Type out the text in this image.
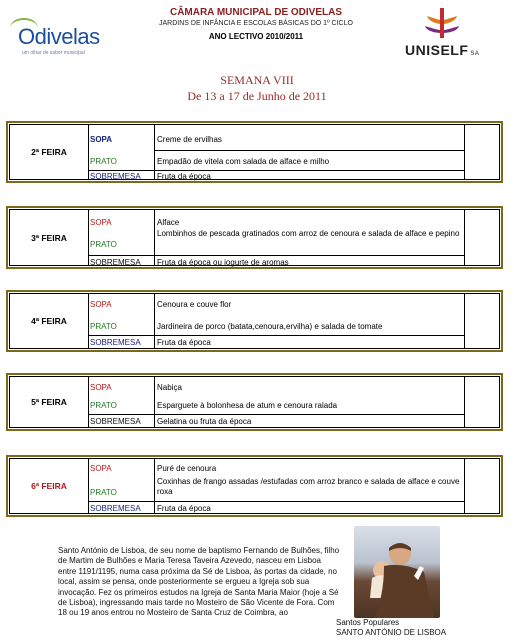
Odivelas
um olhar de sabor municipal
CÂMARA MUNICIPAL DE ODIVELAS
JARDINS DE INFÂNCIA E ESCOLAS BÁSICAS DO 1º CICLO
ANO LECTIVO 2010/2011
UNISELF SA
SEMANA VIII
De 13 a 17 de Junho de 2011
2ª FEIRA
SOPA
PRATO
SOBREMESA
Creme de ervilhas
Empadão de vitela com salada de alface e milho
Fruta da época
3ª FEIRA
SOPA
PRATO
SOBREMESA
Alface
Lombinhos de pescada gratinados com arroz de cenoura e salada de alface e pepino
Fruta da época ou iogurte de aromas
4ª FEIRA
SOPA
PRATO
SOBREMESA
Cenoura e couve flor
Jardineira de porco (batata,cenoura,ervilha) e salada de tomate
Fruta da época
5ª FEIRA
SOPA
PRATO
SOBREMESA
Nabiça
Esparguete à bolonhesa de atum e cenoura ralada
Gelatina ou fruta da época
6ª FEIRA
SOPA
PRATO
SOBREMESA
Puré de cenoura
Coxinhas de frango assadas /estufadas com arroz branco e salada de alface e couve roxa
Fruta da época
Santo António de Lisboa, de seu nome de baptismo Fernando de Bulhões, filho de Martim de Bulhões e Maria Teresa Taveira Azevedo, nasceu em Lisboa entre 1191/1195, numa casa próxima da Sé de Lisboa, às portas da cidade, no local, assim se pensa, onde posteriormente se ergueu a Igreja sob sua invocação. Fez os primeiros estudos na Igreja de Santa Maria Maior (hoje a Sé de Lisboa), ingressando mais tarde no Mosteiro de São Vicente de Fora. Com 18 ou 19 anos entrou no Mosteiro de Santa Cruz de Coimbra, ao
Santos Populares
SANTO ANTÓNIO DE LISBOA
